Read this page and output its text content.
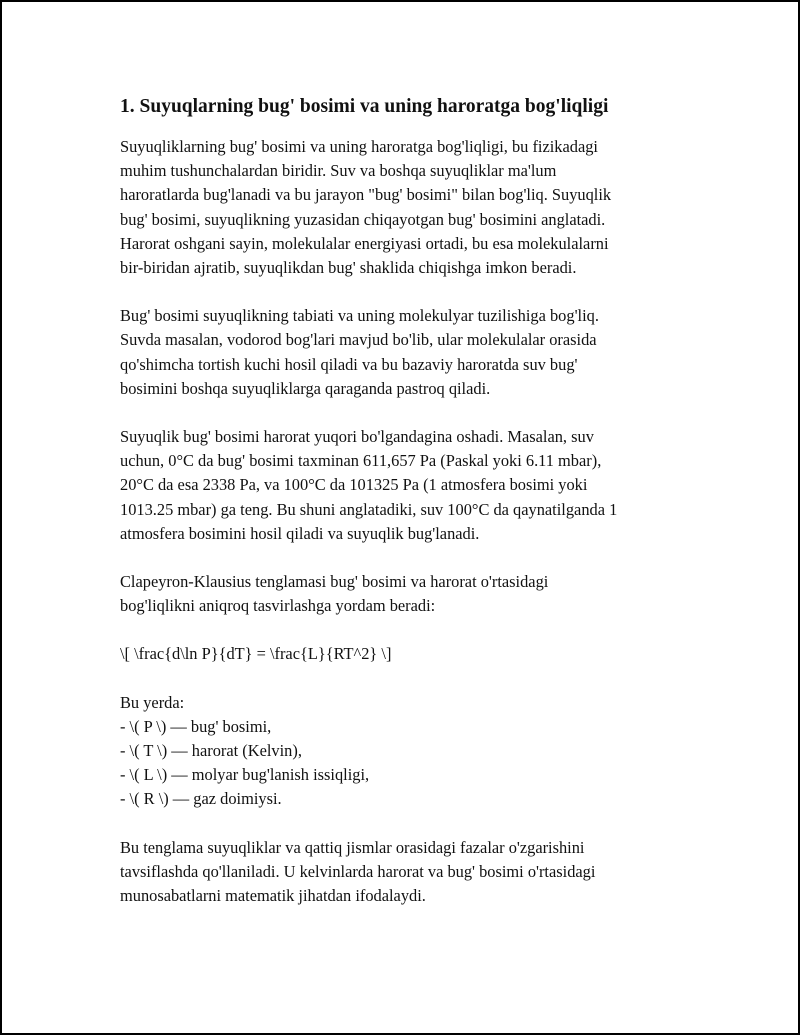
1. Suyuqlarning bug' bosimi va uning haroratga bog'liqligi

Suyuqliklarning bug' bosimi va uning haroratga bog'liqligi, bu fizikadagi
muhim tushunchalardan biridir. Suv va boshqa suyuqliklar ma'lum
haroratlarda bug'lanadi va bu jarayon "bug' bosimi" bilan bog'liq. Suyuqlik
bug' bosimi, suyuqlikning yuzasidan chiqayotgan bug' bosimini anglatadi.
Harorat oshgani sayin, molekulalar energiyasi ortadi, bu esa molekulalarni
bir-biridan ajratib, suyuqlikdan bug' shaklida chiqishga imkon beradi.

Bug' bosimi suyuqlikning tabiati va uning molekulyar tuzilishiga bog'liq.
Suvda masalan, vodorod bog'lari mavjud bo'lib, ular molekulalar orasida
qo'shimcha tortish kuchi hosil qiladi va bu bazaviy haroratda suv bug'
bosimini boshqa suyuqliklarga qaraganda pastroq qiladi.

Suyuqlik bug' bosimi harorat yuqori bo'lgandagina oshadi. Masalan, suv
uchun, 0°C da bug' bosimi taxminan 611,657 Pa (Paskal yoki 6.11 mbar),
20°C da esa 2338 Pa, va 100°C da 101325 Pa (1 atmosfera bosimi yoki
1013.25 mbar) ga teng. Bu shuni anglatadiki, suv 100°C da qaynatilganda 1
atmosfera bosimini hosil qiladi va suyuqlik bug'lanadi.

Clapeyron-Klausius tenglamasi bug' bosimi va harorat o'rtasidagi
bog'liqlikni aniqroq tasvirlashga yordam beradi:

\[ \frac{d\ln P}{dT} = \frac{L}{RT^2} \]

Bu yerda:
- \( P \) — bug' bosimi,
- \( T \) — harorat (Kelvin),
- \( L \) — molyar bug'lanish issiqligi,
- \( R \) — gaz doimiysi.

Bu tenglama suyuqliklar va qattiq jismlar orasidagi fazalar o'zgarishini
tavsiflashda qo'llaniladi. U kelvinlarda harorat va bug' bosimi o'rtasidagi
munosabatlarni matematik jihatdan ifodalaydi.
